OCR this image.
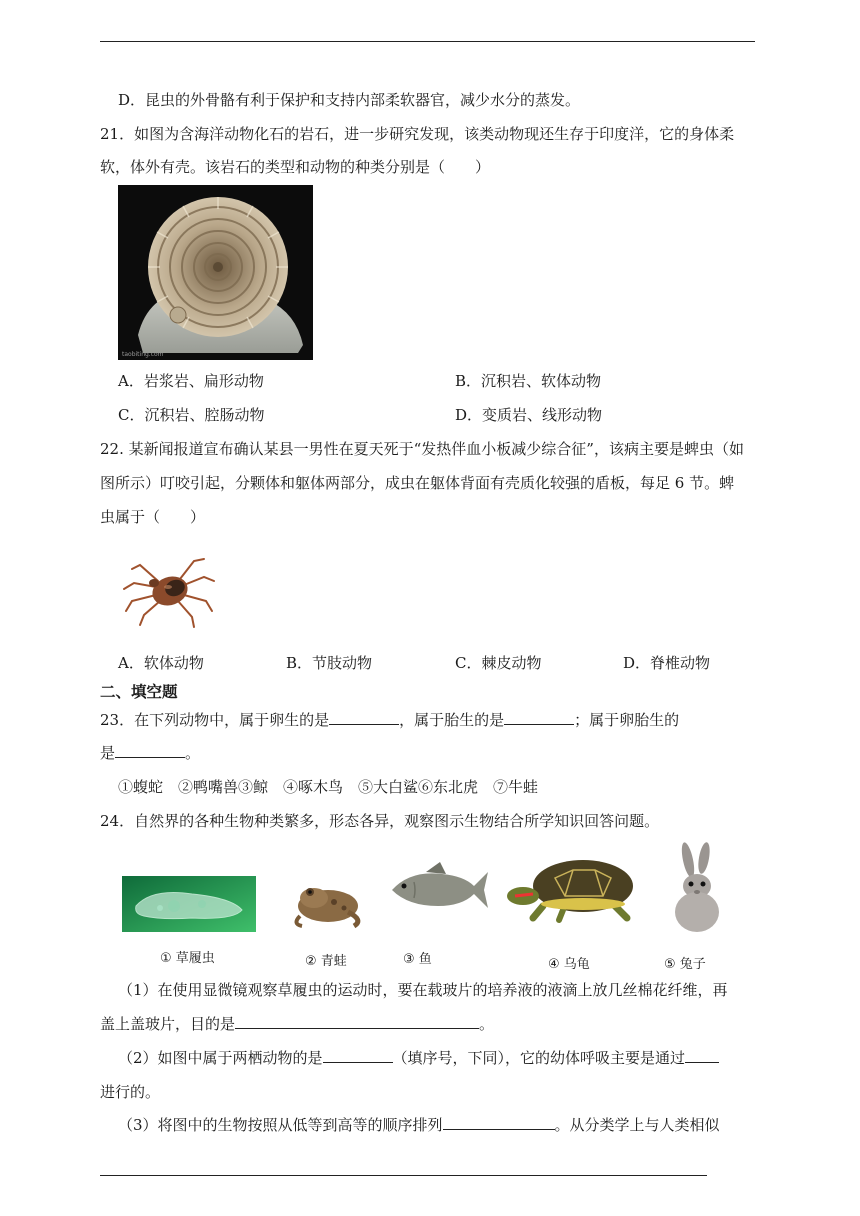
D．昆虫的外骨骼有利于保护和支持内部柔软器官，减少水分的蒸发。
21．如图为含海洋动物化石的岩石，进一步研究发现，该类动物现还生存于印度洋，它的身体柔
软，体外有壳。该岩石的类型和动物的种类分别是（　　）
taobiting.com
A．岩浆岩、扁形动物	B．沉积岩、软体动物
C．沉积岩、腔肠动物	D．变质岩、线形动物
22. 某新闻报道宣布确认某县一男性在夏天死于“发热伴血小板减少综合征”，该病主要是蜱虫（如
图所示）叮咬引起，分颗体和躯体两部分，成虫在躯体背面有壳质化较强的盾板，每足 6 节。蜱
虫属于（　　）
A．软体动物	B．节肢动物	C．棘皮动物	D．脊椎动物
二、填空题
23．在下列动物中，属于卵生的是	，属于胎生的是	；属于卵胎生的
是	。
①蝮蛇　②鸭嘴兽③鲸　④啄木鸟　⑤大白鲨⑥东北虎　⑦牛蛙
24．自然界的各种生物种类繁多，形态各异，观察图示生物结合所学知识回答问题。
① 草履虫	② 青蛙	③ 鱼	④ 乌龟	⑤ 兔子
（1）在使用显微镜观察草履虫的运动时，要在载玻片的培养液的液滴上放几丝棉花纤维，再
盖上盖玻片，目的是	。
（2）如图中属于两栖动物的是	（填序号，下同），它的幼体呼吸主要是通过
进行的。
（3）将图中的生物按照从低等到高等的顺序排列	。从分类学上与人类相似
